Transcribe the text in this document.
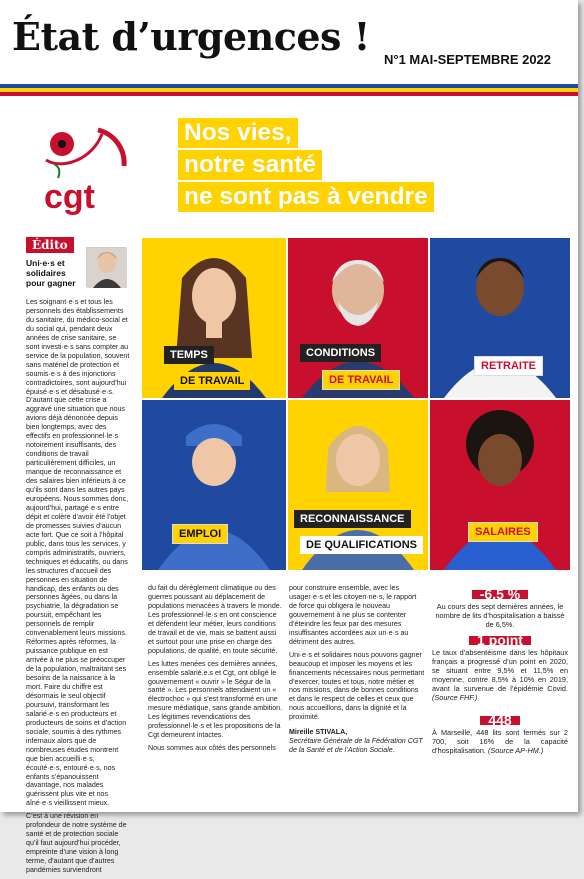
État d’urgences !
N°1 MAI-SEPTEMBRE 2022
cgt
Nos vies,
notre santé
ne sont pas à vendre
Édito
Uni·e·s et solidaires pour gagner

Les soignant·e·s et tous les personnels des établissements du sanitaire, du médico-social et du social qui, pendant deux années de crise sanitaire, se sont investi·e·s sans compter au service de la population, souvent sans matériel de protection et soumis·e·s à des injonctions contradictoires, sont aujourd’hui épuisé·e·s et désabusé·e·s. D’autant que cette crise a aggravé une situation que nous avions déjà dénoncée depuis bien longtemps, avec des effectifs en professionnel·le·s notoirement insuffisants, des conditions de travail particulièrement difficiles, un manque de reconnaissance et des salaires bien inférieurs à ce qu’ils sont dans les autres pays européens. Nous sommes donc, aujourd’hui, partagé·e·s entre dépit et colère d’avoir été l’objet de promesses suivies d’aucun acte fort. Que ce soit à l’hôpital public, dans tous les services, y compris administratifs, ouvriers, techniques et éducatifs, ou dans les structures d’accueil des personnes en situation de handicap, des enfants ou des personnes âgées, ou dans la psychiatrie, la dégradation se poursuit, empêchant les personnels de remplir convenablement leurs missions. Réformes après réformes, la puissance publique en est arrivée à ne plus se préoccuper de la population, maltraitant ses besoins de la naissance à la mort. Faire du chiffre est désormais le seul objectif poursuivi, transformant les salarié·e·s en producteurs et producteurs de soins et d’action sociale, soumis à des rythmes infernaux alors que de nombreuses études montrent que bien accueilli·e·s, écouté·e·s, entouré·e·s, nos enfants s’épanouissent davantage, nos malades guérissent plus vite et nos aîné·e·s vieillissent mieux.

C’est à une révision en profondeur de notre système de santé et de protection sociale qu’il faut aujourd’hui procéder, empreinte d’une vision à long terme, d’autant que d’autres pandémies surviendront

TEMPS
DE TRAVAIL
CONDITIONS
DE TRAVAIL
RETRAITE
EMPLOI
RECONNAISSANCE
DE QUALIFICATIONS
SALAIRES

du fait du dérèglement climatique ou des guerres poussant au déplacement de populations menacées à travers le monde. Les professionnel·le·s en ont conscience et défendent leur métier, leurs conditions de travail et de vie, mais se battent aussi et surtout pour une prise en charge des populations, de qualité, en toute sécurité.

Les luttes menées ces dernières années, ensemble salarié.e.s et Cgt, ont obligé le gouvernement « ouvrir » le Ségur de la santé ». Les personnels attendaient un « électrochoc » qui s’est transformé en une mesure médiatique, sans grande ambition. Les légitimes revendications des professionnel·le·s et les propositions de la Cgt demeurent intactes.

Nous sommes aux côtés des personnels

pour construire ensemble, avec les usager·e·s et les citoyen·ne·s, le rapport de force qui obligera le nouveau gouvernement à ne plus se contenter d’éteindre les feux par des mesures insuffisantes accordées aux un·e·s au détriment des autres.

Uni·e·s et solidaires nous pouvons gagner beaucoup et imposer les moyens et les financements nécessaires nous permettant d’exercer, toutes et tous, notre métier et nos missions, dans de bonnes conditions et dans le respect de celles et ceux que nous accueillons, dans la dignité et la proximité.

Mireille STIVALA,
Secrétaire Générale de la Fédération CGT de la Santé et de l’Action Sociale.
-6,5 %

Au cours des sept dernières années, le nombre de lits d’hospitalisation a baissé de 6,5%.

1 point

Le taux d’absentéisme dans les hôpitaux français a progressé d’un point en 2020, se situant entre 9,5% et 11,5% en moyenne, contre 8,5% à 10% en 2019, avant la survenue de l’épidémie Covid. (Source FHF.)

448

À Marseille, 448 lits sont fermés sur 2 700, soit 16% de la capacité d’hospitalisation. (Source AP-HM.)
